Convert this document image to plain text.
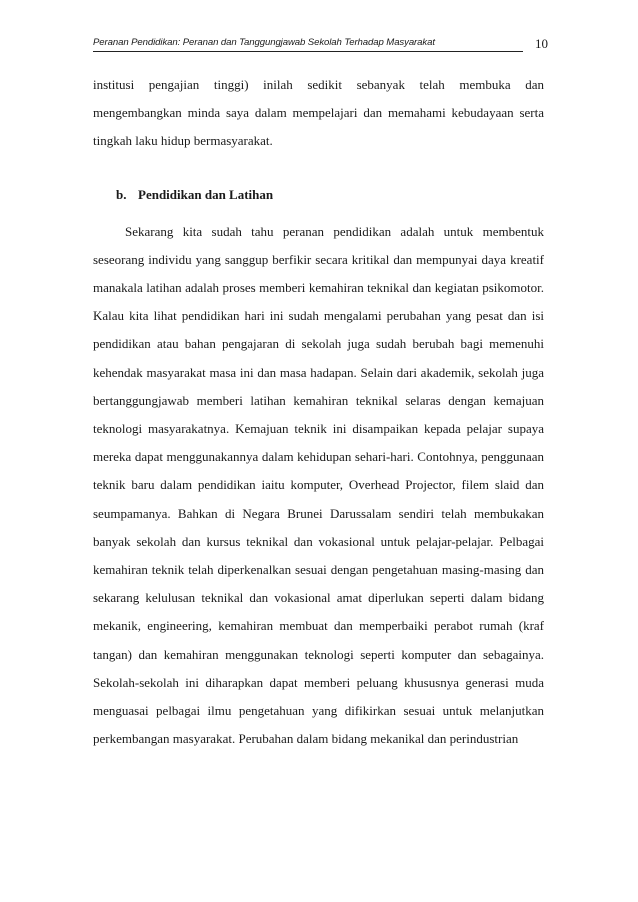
Peranan Pendidikan: Peranan dan Tanggungjawab Sekolah Terhadap Masyarakat	10

institusi pengajian tinggi) inilah sedikit sebanyak telah membuka dan mengembangkan minda saya dalam mempelajari dan memahami kebudayaan serta tingkah laku hidup bermasyarakat.

b. Pendidikan dan Latihan

Sekarang kita sudah tahu peranan pendidikan adalah untuk membentuk seseorang individu yang sanggup berfikir secara kritikal dan mempunyai daya kreatif manakala latihan adalah proses memberi kemahiran teknikal dan kegiatan psikomotor. Kalau kita lihat pendidikan hari ini sudah mengalami perubahan yang pesat dan isi pendidikan atau bahan pengajaran di sekolah juga sudah berubah bagi memenuhi kehendak masyarakat masa ini dan masa hadapan. Selain dari akademik, sekolah juga bertanggungjawab memberi latihan kemahiran teknikal selaras dengan kemajuan teknologi masyarakatnya. Kemajuan teknik ini disampaikan kepada pelajar supaya mereka dapat menggunakannya dalam kehidupan sehari-hari. Contohnya, penggunaan teknik baru dalam pendidikan iaitu komputer, Overhead Projector, filem slaid dan seumpamanya. Bahkan di Negara Brunei Darussalam sendiri telah membukakan banyak sekolah dan kursus teknikal dan vokasional untuk pelajar-pelajar. Pelbagai kemahiran teknik telah diperkenalkan sesuai dengan pengetahuan masing-masing dan sekarang kelulusan teknikal dan vokasional amat diperlukan seperti dalam bidang mekanik, engineering, kemahiran membuat dan memperbaiki perabot rumah (kraf tangan) dan kemahiran menggunakan teknologi seperti komputer dan sebagainya. Sekolah-sekolah ini diharapkan dapat memberi peluang khususnya generasi muda menguasai pelbagai ilmu pengetahuan yang difikirkan sesuai untuk melanjutkan perkembangan masyarakat. Perubahan dalam bidang mekanikal dan perindustrian
